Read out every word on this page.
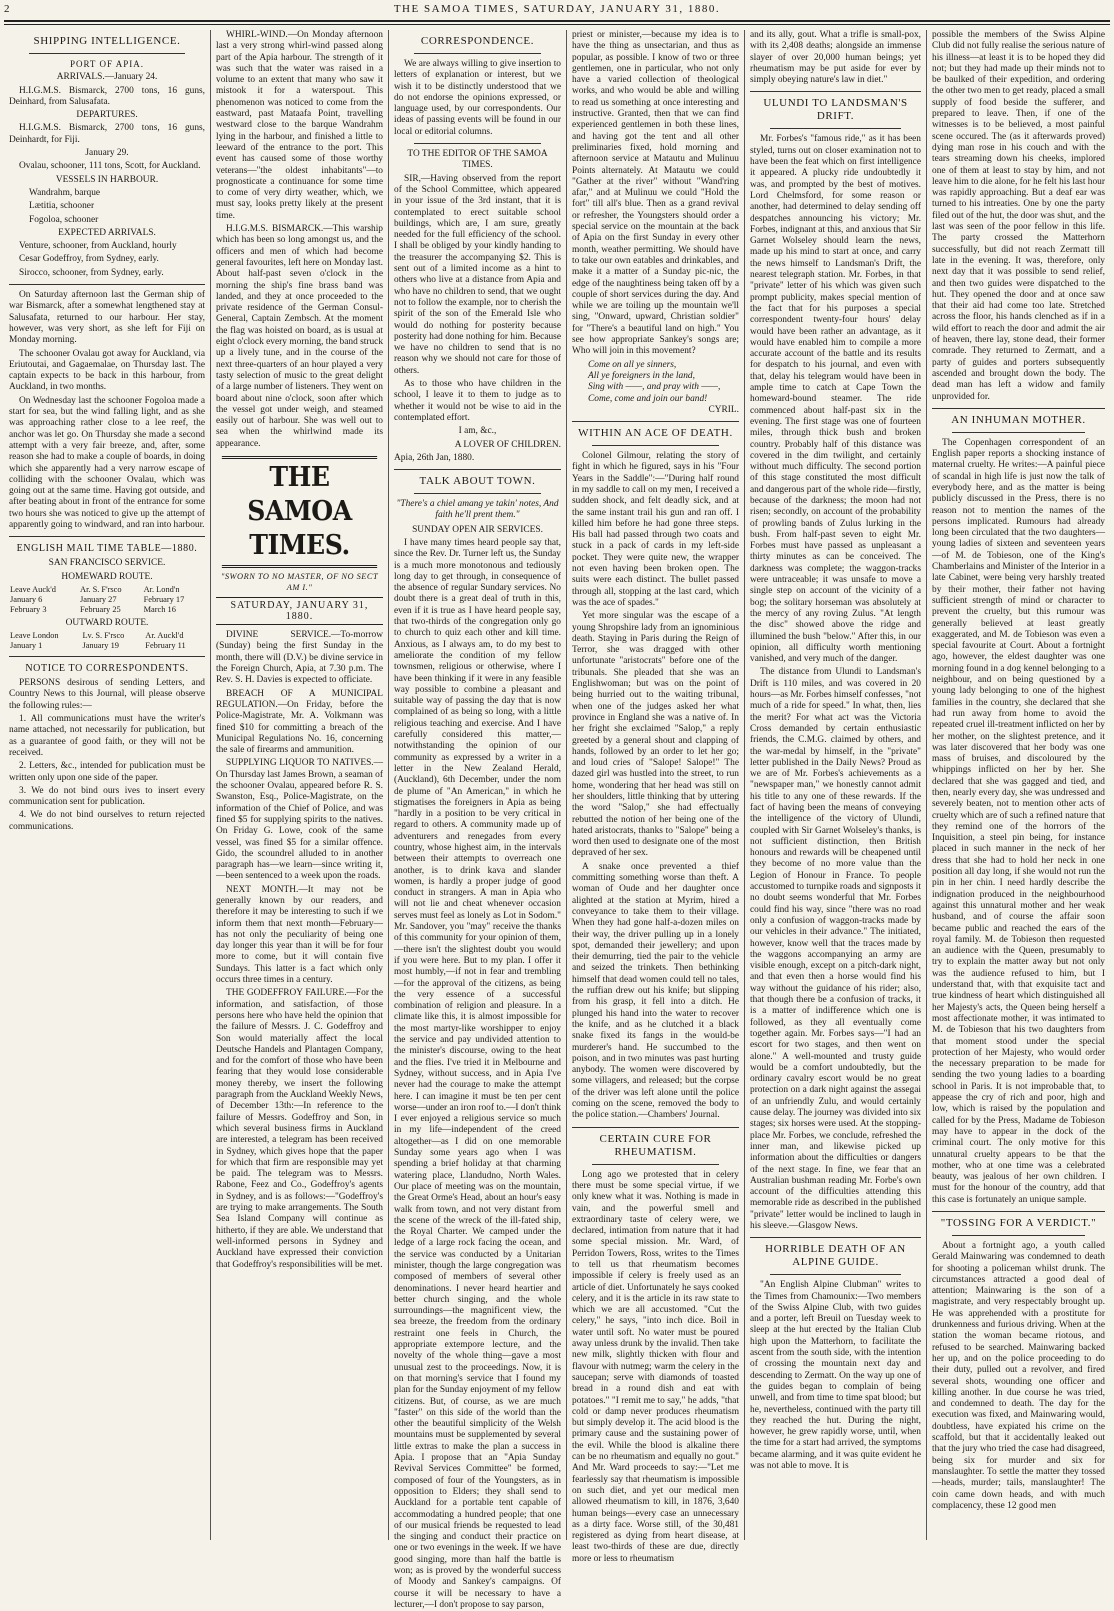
2	THE SAMOA TIMES, SATURDAY, JANUARY 31, 1880.
SHIPPING INTELLIGENCE.
PORT OF APIA.

ARRIVALS.—January 24.

H.I.G.M.S. Bismarck, 2700 tons, 16 guns, Deinhard, from Salusafata.

DEPARTURES.

H.I.G.M.S. Bismarck, 2700 tons, 16 guns, Deinhardt, for Fiji.

January 29.

Ovalau, schooner, 111 tons, Scott, for Auckland.

VESSELS IN HARBOUR.

Wandrahm, barque

Lætitia, schooner

Fogoloa, schooner

EXPECTED ARRIVALS.

Venture, schooner, from Auckland, hourly

Cesar Godeffroy, from Sydney, early.

Sirocco, schooner, from Sydney, early.

On Saturday afternoon last the German ship of war Bismarck, after a somewhat lengthened stay at Salusafata, returned to our harbour. Her stay, however, was very short, as she left for Fiji on Monday morning.

The schooner Ovalau got away for Auckland, via Eriutoutai, and Gagaemalae, on Thursday last. The captain expects to be back in this harbour, from Auckland, in two months.

On Wednesday last the schooner Fogoloa made a start for sea, but the wind falling light, and as she was approaching rather close to a lee reef, the anchor was let go. On Thursday she made a second attempt with a very fair breeze, and, after, some reason she had to make a couple of boards, in doing which she apparently had a very narrow escape of colliding with the schooner Ovalau, which was going out at the same time. Having got outside, and after beating about in front of the entrance for some two hours she was noticed to give up the attempt of apparently going to windward, and ran into harbour.

ENGLISH MAIL TIME TABLE—1880.

SAN FRANCISCO SERVICE.

HOMEWARD ROUTE.

Leave Auck'd	Ar. S. F'rsco	Ar. Lond'n
January 6	January 27	February 17
February 3	February 25	March 16

OUTWARD ROUTE.

Leave London	Lv. S. F'rsco	Ar. Auckl'd
January 1	January 19	February 11
NOTICE TO CORRESPONDENTS.

PERSONS desirous of sending Letters, and Country News to this Journal, will please observe the following rules:—

1. All communications must have the writer's name attached, not necessarily for publication, but as a guarantee of good faith, or they will not be received.

2. Letters, &c., intended for publication must be written only upon one side of the paper.

3. We do not bind ours ives to insert every communication sent for publication.

4. We do not bind ourselves to return rejected communications.

WHIRL-WIND.—On Monday afternoon last a very strong whirl-wind passed along part of the Apia harbour. The strength of it was such that the water was raised in a volume to an extent that many who saw it mistook it for a waterspout. This phenomenon was noticed to come from the eastward, past Mataafa Point, travelling westward close to the barque Wandrahm lying in the harbour, and finished a little to leeward of the entrance to the port. This event has caused some of those worthy veterans—"the oldest inhabitants"—to prognosticate a continuance for some time to come of very dirty weather, which, we must say, looks pretty likely at the present time.

H.I.G.M.S. BISMARCK.—This warship which has been so long amongst us, and the officers and men of which had become general favourites, left here on Monday last. About half-past seven o'clock in the morning the ship's fine brass band was landed, and they at once proceeded to the private residence of the German Consul-General, Captain Zembsch. At the moment the flag was hoisted on board, as is usual at eight o'clock every morning, the band struck up a lively tune, and in the course of the next three-quarters of an hour played a very tasty selection of music to the great delight of a large number of listeners. They went on board about nine o'clock, soon after which the vessel got under weigh, and steamed easily out of harbour. She was well out to sea when the whirlwind made its appearance.

THE SAMOA TIMES.
"SWORN TO NO MASTER, OF NO SECT AM I."
SATURDAY, JANUARY 31, 1880.

DIVINE SERVICE.—To-morrow (Sunday) being the first Sunday in the month, there will (D.V.) be divine service in the Foreign Church, Apia, at 7.30 p.m. The Rev. S. H. Davies is expected to officiate.

BREACH OF A MUNICIPAL REGULATION.—On Friday, before the Police-Magistrate, Mr. A. Volkmann was fined $10 for committing a breach of the Municipal Regulations No. 16, concerning the sale of firearms and ammunition.

SUPPLYING LIQUOR TO NATIVES.—On Thursday last James Brown, a seaman of the schooner Ovalau, appeared before R. S. Swanston, Esq., Police-Magistrate, on the information of the Chief of Police, and was fined $5 for supplying spirits to the natives. On Friday G. Lowe, cook of the same vessel, was fined $5 for a similar offence. Gido, the scoundrel alluded to in another paragraph has—we learn—since writing it,—been sentenced to a week upon the roads.

NEXT MONTH.—It may not be generally known by our readers, and therefore it may be interesting to such if we inform them that next month—February—has not only the peculiarity of being one day longer this year than it will be for four more to come, but it will contain five Sundays. This latter is a fact which only occurs three times in a century.

THE GODEFFROY FAILURE.—For the information, and satisfaction, of those persons here who have held the opinion that the failure of Messrs. J. C. Godeffroy and Son would materially affect the local Deutsche Handels and Plantagen Company, and for the comfort of those who have been fearing that they would lose considerable money thereby, we insert the following paragraph from the Auckland Weekly News, of December 13th:—In reference to the failure of Messrs. Godeffroy and Son, in which several business firms in Auckland are interested, a telegram has been received in Sydney, which gives hope that the paper for which that firm are responsible may yet be paid. The telegram was to Messrs. Rabone, Feez and Co., Godeffroy's agents in Sydney, and is as follows:—"Godeffroy's are trying to make arrangements. The South Sea Island Company will continue as hitherto, if they are able. We understand that well-informed persons in Sydney and Auckland have expressed their conviction that Godeffroy's responsibilities will be met.

CORRESPONDENCE.

We are always willing to give insertion to letters of explanation or interest, but we wish it to be distinctly understood that we do not endorse the opinions expressed, or language used, by our correspondents. Our ideas of passing events will be found in our local or editorial columns.

TO THE EDITOR OF THE SAMOA TIMES.

SIR,—Having observed from the report of the School Committee, which appeared in your issue of the 3rd instant, that it is contemplated to erect suitable school buildings, which are, I am sure, greatly needed for the full efficiency of the school. I shall be obliged by your kindly handing to the treasurer the accompanying $2. This is sent out of a limited income as a hint to others who live at a distance from Apia and who have no children to send, that we ought not to follow the example, nor to cherish the spirit of the son of the Emerald Isle who would do nothing for posterity because posterity had done nothing for him. Because we have no children to send that is no reason why we should not care for those of others.

As to those who have children in the school, I leave it to them to judge as to whether it would not be wise to aid in the contemplated effort.

I am, &c.,

A LOVER OF CHILDREN.

Apia, 26th Jan, 1880.

TALK ABOUT TOWN.

"There's a chiel amang ye takin' notes, And faith he'll prent them."

SUNDAY OPEN AIR SERVICES.

I have many times heard people say that, since the Rev. Dr. Turner left us, the Sunday is a much more monotonous and tediously long day to get through, in consequence of the absence of regular Sundary services. No doubt there is a great deal of truth in this, even if it is true as I have heard people say, that two-thirds of the congregation only go to church to quiz each other and kill time. Anxious, as I always am, to do my best to ameliorate the condition of my fellow townsmen, religious or otherwise, where I have been thinking if it were in any feasible way possible to combine a pleasant and suitable way of passing the day that is now complained of as being so long, with a little religious teaching and exercise. And I have carefully considered this matter,—notwithstanding the opinion of our community as expressed by a writer in a letter in the New Zealand Herald, (Auckland), 6th December, under the nom de plume of "An American," in which he stigmatises the foreigners in Apia as being "hardly in a position to be very critical in regard to others. A community made up of adventurers and renegades from every country, whose highest aim, in the intervals between their attempts to overreach one another, is to drink kava and slander women, is hardly a proper judge of good conduct in strangers. A man in Apia who will not lie and cheat whenever occasion serves must feel as lonely as Lot in Sodom." Mr. Sandover, you "may" receive the thanks of this community for your opinion of them,—there isn't the slightest doubt you would if you were here. But to my plan. I offer it most humbly,—if not in fear and trembling—for the approval of the citizens, as being the very essence of a successful combination of religion and pleasure. In a climate like this, it is almost impossible for the most martyr-like worshipper to enjoy the service and pay undivided attention to the minister's discourse, owing to the heat and the flies. I've tried it in Melbourne and Sydney, without success, and in Apia I've never had the courage to make the attempt here. I can imagine it must be ten per cent worse—under an iron roof to.—I don't think I ever enjoyed a religious service so much in my life—independent of the creed altogether—as I did on one memorable Sunday some years ago when I was spending a brief holiday at that charming watering place, Llandudno, North Wales. Our place of meeting was on the mountain, the Great Orme's Head, about an hour's easy walk from town, and not very distant from the scene of the wreck of the ill-fated ship, the Royal Charter. We camped under the ledge of a large rock facing the ocean, and the service was conducted by a Unitarian minister, though the large congregation was composed of members of several other denominations. I never heard heartier and better church singing, and the whole surroundings—the magnificent view, the sea breeze, the freedom from the ordinary restraint one feels in Church, the appropriate extempore lecture, and the novelty of the whole thing—gave a most unusual zest to the proceedings. Now, it is on that morning's service that I found my plan for the Sunday enjoyment of my fellow citizens. But, of course, as we are much "faster" on this side of the world than the other the beautiful simplicity of the Welsh mountains must be supplemented by several little extras to make the plan a success in Apia. I propose that an "Apia Sunday Revival Services Committee" be formed, composed of four of the Youngsters, as in opposition to Elders; they shall send to Auckland for a portable tent capable of accommodating a hundred people; that one of our musical friends be requested to lead the singing and conduct their practice on one or two evenings in the week. If we have good singing, more than half the battle is won; as is proved by the wonderful success of Moody and Sankey's campaigns. Of course it will be necessary to have a lecturer,—I don't propose to say parson,

priest or minister,—because my idea is to have the thing as unsectarian, and thus as popular, as possible. I know of two or three gentlemen, one in particular, who not only have a varied collection of theological works, and who would be able and willing to read us something at once interesting and instructive. Granted, then that we can find experienced gentlemen in both these lines, and having got the tent and all other preliminaries fixed, hold morning and afternoon service at Matautu and Mulinuu Points alternately. At Matautu we could "Gather at the river" without "Wand'ring afar," and at Mulinuu we could "Hold the fort" till all's blue. Then as a grand revival or refresher, the Youngsters should order a special service on the mountain at the back of Apia on the first Sunday in every other month, weather permitting. We should have to take our own eatables and drinkables, and make it a matter of a Sunday pic-nic, the edge of the naughtiness being taken off by a couple of short services during the day. And while we are toiling up the mountain we'll sing, "Onward, upward, Christian soldier" for "There's a beautiful land on high." You see how appropriate Sankey's songs are; Who will join in this movement?

Come on all ye sinners,

All ye foreigners in the land,

Sing with ——, and pray with ——,

Come, come and join our band!

CYRIL.

WITHIN AN ACE OF DEATH.

Colonel Gilmour, relating the story of fight in which he figured, says in his "Four Years in the Saddle":—"During half round in my saddle to call on my men, I received a sudden shock, and felt deadly sick, and at the same instant trail his gun and ran off. I killed him before he had gone three steps. His ball had passed through two coats and stuck in a pack of cards in my left-side pocket. They were quite new, the wrapper not even having been broken open. The suits were each distinct. The bullet passed through all, stopping at the last card, which was the ace of spades."

Yet more singular was the escape of a young Shropshire lady from an ignominious death. Staying in Paris during the Reign of Terror, she was dragged with other unfortunate "aristocrats" before one of the tribunals. She pleaded that she was an Englishwoman; but was on the point of being hurried out to the waiting tribunal, when one of the judges asked her what province in England she was a native of. In her fright she exclaimed "Salop," a reply greeted by a general shout and clapping of hands, followed by an order to let her go; and loud cries of "Salope! Salope!" The dazed girl was hustled into the street, to run home, wondering that her head was still on her shoulders, little thinking that by uttering the word "Salop," she had effectually rebutted the notion of her being one of the hated aristocrats, thanks to "Salope" being a word then used to designate one of the most depraved of her sex.

A snake once prevented a thief committing something worse than theft. A woman of Oude and her daughter once alighted at the station at Myrim, hired a conveyance to take them to their village. When they had gone half-a-dozen miles on their way, the driver pulling up in a lonely spot, demanded their jewellery; and upon their demurring, tied the pair to the vehicle and seized the trinkets. Then bethinking himself that dead women could tell no tales, the ruffian drew out his knife; but slipping from his grasp, it fell into a ditch. He plunged his hand into the water to recover the knife, and as he clutched it a black snake fixed its fangs in the would-be murderer's hand. He succumbed to the poison, and in two minutes was past hurting anybody. The women were discovered by some villagers, and released; but the corpse of the driver was left alone until the police coming on the scene, removed the body to the police station.—Chambers' Journal.

CERTAIN CURE FOR RHEUMATISM.

Long ago we protested that in celery there must be some special virtue, if we only knew what it was. Nothing is made in vain, and the powerful smell and extraordinary taste of celery were, we declared, intimation from nature that it had some special mission. Mr. Ward, of Perridon Towers, Ross, writes to the Times to tell us that rheumatism becomes impossible if celery is freely used as an article of diet. Unfortunately he says cooked celery, and it is the article in its raw state to which we are all accustomed. "Cut the celery," he says, "into inch dice. Boil in water until soft. No water must be poured away unless drunk by the invalid. Then take new milk, slightly thicken with flour and flavour with nutmeg; warm the celery in the saucepan; serve with diamonds of toasted bread in a round dish and eat with potatoes." "I remit me to say," he adds, "that cold or damp never produces rheumatism but simply develop it. The acid blood is the primary cause and the sustaining power of the evil. While the blood is alkaline there can be no rheumatism and equally no gout." And Mr. Ward proceeds to say:—"Let me fearlessly say that rheumatism is impossible on such diet, and yet our medical men allowed rheumatism to kill, in 1876, 3,640 human beings—every case an unnecessary as a dirty face. Worse still, of the 30,481 registered as dying from heart disease, at least two-thirds of these are due, directly more or less to rheumatism

and its ally, gout. What a trifle is small-pox, with its 2,408 deaths; alongside an immense slayer of over 20,000 human beings; yet rheumatism may be put aside for ever by simply obeying nature's law in diet."

ULUNDI TO LANDSMAN'S DRIFT.

Mr. Forbes's "famous ride," as it has been styled, turns out on closer examination not to have been the feat which on first intelligence it appeared. A plucky ride undoubtedly it was, and prompted by the best of motives. Lord Chelmsford, for some reason or another, had determined to delay sending off despatches announcing his victory; Mr. Forbes, indignant at this, and anxious that Sir Garnet Wolseley should learn the news, made up his mind to start at once, and carry the news himself to Landsman's Drift, the nearest telegraph station. Mr. Forbes, in that "private" letter of his which was given such prompt publicity, makes special mention of the fact that for his purposes a special correspondent twenty-four hours' delay would have been rather an advantage, as it would have enabled him to compile a more accurate account of the battle and its results for despatch to his journal, and even with that, delay his telegram would have been in ample time to catch at Cape Town the homeward-bound steamer. The ride commenced about half-past six in the evening. The first stage was one of fourteen miles, through thick bush and broken country. Probably half of this distance was covered in the dim twilight, and certainly without much difficulty. The second portion of this stage constituted the most difficult and dangerous part of the whole ride—firstly, because of the darkness; the moon had not risen; secondly, on account of the probability of prowling bands of Zulus lurking in the bush. From half-past seven to eight Mr. Forbes must have passed as unpleasant a thirty minutes as can be conceived. The darkness was complete; the waggon-tracks were untraceable; it was unsafe to move a single step on account of the vicinity of a bog; the solitary horseman was absolutely at the mercy of any roving Zulus. "At length the disc" showed above the ridge and illumined the bush "below." After this, in our opinion, all difficulty worth mentioning vanished, and very much of the danger.

The distance from Ulundi to Landsman's Drift is 110 miles, and was covered in 20 hours—as Mr. Forbes himself confesses, "not much of a ride for speed." In what, then, lies the merit? For what act was the Victoria Cross demanded by certain enthusiastic friends, the C.M.G. claimed by others, and the war-medal by himself, in the "private" letter published in the Daily News? Proud as we are of Mr. Forbes's achievements as a "newspaper man," we honestly cannot admit his title to any one of these rewards. If the fact of having been the means of conveying the intelligence of the victory of Ulundi, coupled with Sir Garnet Wolseley's thanks, is not sufficient distinction, then British honours and rewards will be cheapened until they become of no more value than the Legion of Honour in France. To people accustomed to turnpike roads and signposts it no doubt seems wonderful that Mr. Forbes could find his way, since "there was no road only a confusion of waggon-tracks made by our vehicles in their advance." The initiated, however, know well that the traces made by the waggons accompanying an army are visible enough, except on a pitch-dark night, and that even then a horse would find his way without the guidance of his rider; also, that though there be a confusion of tracks, it is a matter of indifference which one is followed, as they all eventually come together again. Mr. Forbes says—"I had an escort for two stages, and then went on alone." A well-mounted and trusty guide would be a comfort undoubtedly, but the ordinary cavalry escort would be no great protection on a dark night against the assegai of an unfriendly Zulu, and would certainly cause delay. The journey was divided into six stages; six horses were used. At the stopping-place Mr. Forbes, we conclude, refreshed the inner man, and likewise picked up information about the difficulties or dangers of the next stage. In fine, we fear that an Australian bushman reading Mr. Forbe's own account of the difficulties attending this memorable ride as described in the published "private" letter would be inclined to laugh in his sleeve.—Glasgow News.

HORRIBLE DEATH OF AN ALPINE GUIDE.

"An English Alpine Clubman" writes to the Times from Chamounix:—Two members of the Swiss Alpine Club, with two guides and a porter, left Breuil on Tuesday week to sleep at the hut erected by the Italian Club high upon the Matterhorn, to facilitate the ascent from the south side, with the intention of crossing the mountain next day and descending to Zermatt. On the way up one of the guides began to complain of being unwell, and from time to time spat blood; but he, nevertheless, continued with the party till they reached the hut. During the night, however, he grew rapidly worse, until, when the time for a start had arrived, the symptoms became alarming, and it was quite evident he was not able to move. It is

possible the members of the Swiss Alpine Club did not fully realise the serious nature of his illness—at least it is to be hoped they did not; but they had made up their minds not to be baulked of their expedition, and ordering the other two men to get ready, placed a small supply of food beside the sufferer, and prepared to leave. Then, if one of the witnesses is to be believed, a most painful scene occured. The (as it afterwards proved) dying man rose in his couch and with the tears streaming down his cheeks, implored one of them at least to stay by him, and not leave him to die alone, for he felt his last hour was rapidly approaching. But a deaf ear was turned to his intreaties. One by one the party filed out of the hut, the door was shut, and the last was seen of the poor fellow in this life. The party crossed the Matterhorn successfully, but did not reach Zermatt till late in the evening. It was, therefore, only next day that it was possible to send relief, and then two guides were dispatched to the hut. They opened the door and at once saw that their aid had come too late. Stretched across the floor, his hands clenched as if in a wild effort to reach the door and admit the air of heaven, there lay, stone dead, their former comrade. They returned to Zermatt, and a party of guides and porters subsequently ascended and brought down the body. The dead man has left a widow and family unprovided for.

AN INHUMAN MOTHER.

The Copenhagen correspondent of an English paper reports a shocking instance of maternal cruelty. He writes:—A painful piece of scandal in high life is just now the talk of everybody here, and as the matter is being publicly discussed in the Press, there is no reason not to mention the names of the persons implicated. Rumours had already long been circulated that the two daughters—young ladies of sixteen and seventeen years—of M. de Tobieson, one of the King's Chamberlains and Minister of the Interior in a late Cabinet, were being very harshly treated by their mother, their father not having sufficient strength of mind or character to prevent the cruelty, but this rumour was generally believed at least greatly exaggerated, and M. de Tobieson was even a special favourite at Court. About a fortnight ago, however, the eldest daughter was one morning found in a dog kennel belonging to a neighbour, and on being questioned by a young lady belonging to one of the highest families in the country, she declared that she had run away from home to avoid the repeated cruel ill-treatment inflicted on her by her mother, on the slightest pretence, and it was later discovered that her body was one mass of bruises, and discoloured by the whippings inflicted on her by her. She declared that she was gagged and tied, and then, nearly every day, she was undressed and severely beaten, not to mention other acts of cruelty which are of such a refined nature that they remind one of the horrors of the Inquisition, a steel pin being, for instance placed in such manner in the neck of her dress that she had to hold her neck in one position all day long, if she would not run the pin in her chin. I need hardly describe the indignation produced in the neighbourhood against this unnatural mother and her weak husband, and of course the affair soon became public and reached the ears of the royal family. M. de Tobieson then requested an audience with the Queen, presumably to try to explain the matter away but not only was the audience refused to him, but I understand that, with that exquisite tact and true kindness of heart which distinguished all her Majesty's acts, the Queen being herself a most affectionate mother, it was intimated to M. de Tobieson that his two daughters from that moment stood under the special protection of her Majesty, who would order the necessary preparation to be made for sending the two young ladies to a boarding school in Paris. It is not improbable that, to appease the cry of rich and poor, high and low, which is raised by the population and called for by the Press, Madame de Tobieson may have to appear in the dock of the criminal court. The only motive for this unnatural cruelty appears to be that the mother, who at one time was a celebrated beauty, was jealous of her own children. I must for the honour of the country, add that this case is fortunately an unique sample.

"TOSSING FOR A VERDICT."

About a fortnight ago, a youth called Gerald Mainwaring was condemned to death for shooting a policeman whilst drunk. The circumstances attracted a good deal of attention; Mainwaring is the son of a magistrate, and very respectably brought up. He was apprehended with a prostitute for drunkenness and furious driving. When at the station the woman became riotous, and refused to be searched. Mainwaring backed her up, and on the police proceeding to do their duty, pulled out a revolver, and fired several shots, wounding one officer and killing another. In due course he was tried, and condemned to death. The day for the execution was fixed, and Mainwaring would, doubtless, have expiated his crime on the scaffold, but that it accidentally leaked out that the jury who tried the case had disagreed, being six for murder and six for manslaughter. To settle the matter they tossed—heads, murder; tails, manslaughter! The coin came down heads, and with much complacency, these 12 good men
